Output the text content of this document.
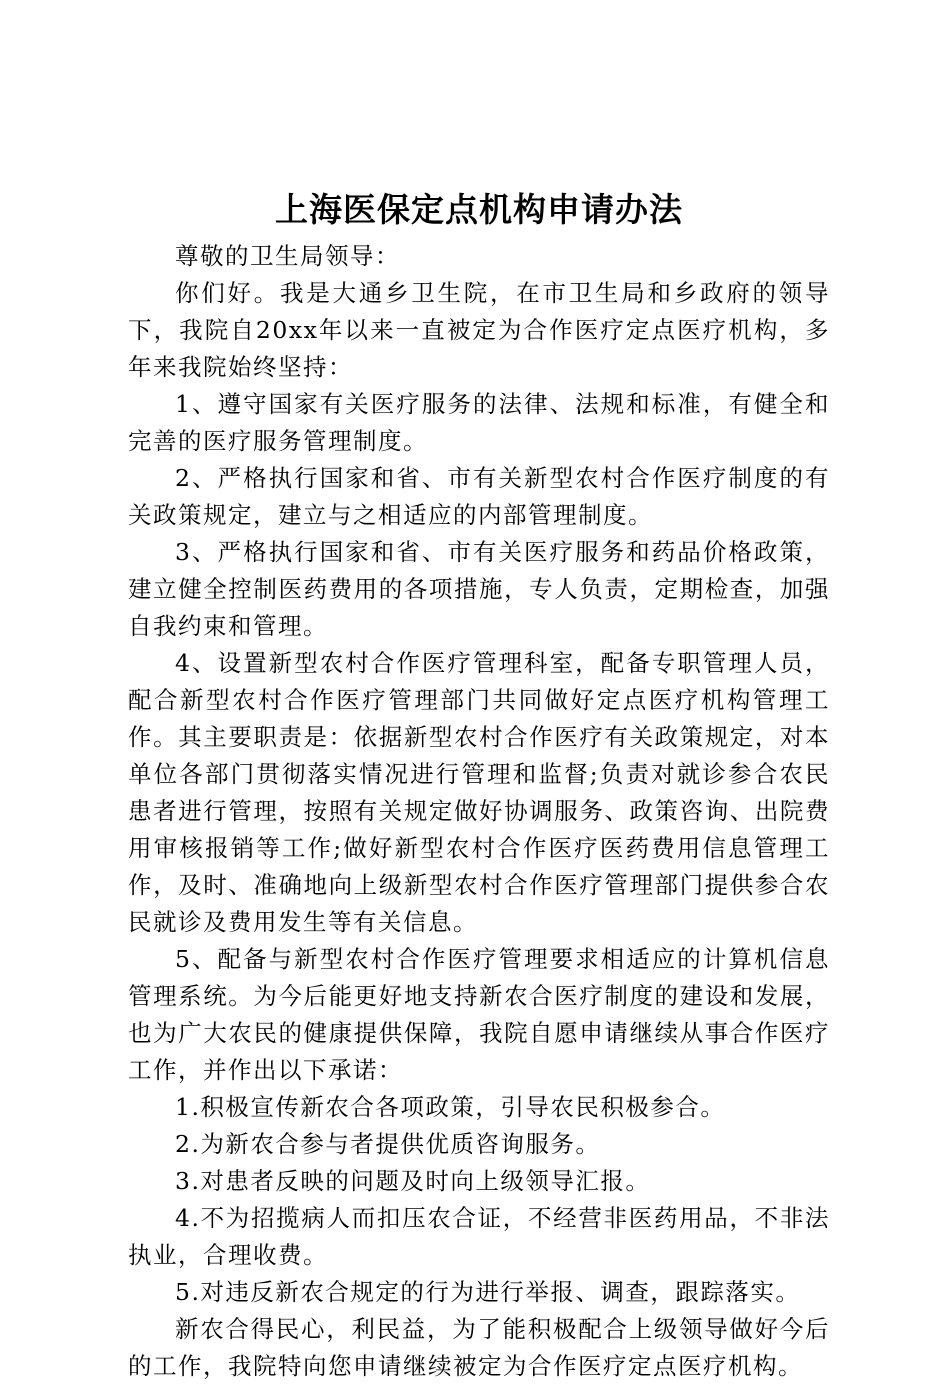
上海医保定点机构申请办法

尊敬的卫生局领导：

你们好。我是大通乡卫生院，在市卫生局和乡政府的领导下，我院自20xx年以来一直被定为合作医疗定点医疗机构，多年来我院始终坚持：

1、遵守国家有关医疗服务的法律、法规和标准，有健全和完善的医疗服务管理制度。

2、严格执行国家和省、市有关新型农村合作医疗制度的有关政策规定，建立与之相适应的内部管理制度。

3、严格执行国家和省、市有关医疗服务和药品价格政策，建立健全控制医药费用的各项措施，专人负责，定期检查，加强自我约束和管理。

4、设置新型农村合作医疗管理科室，配备专职管理人员，配合新型农村合作医疗管理部门共同做好定点医疗机构管理工作。其主要职责是：依据新型农村合作医疗有关政策规定，对本单位各部门贯彻落实情况进行管理和监督;负责对就诊参合农民患者进行管理，按照有关规定做好协调服务、政策咨询、出院费用审核报销等工作;做好新型农村合作医疗医药费用信息管理工作，及时、准确地向上级新型农村合作医疗管理部门提供参合农民就诊及费用发生等有关信息。

5、配备与新型农村合作医疗管理要求相适应的计算机信息管理系统。为今后能更好地支持新农合医疗制度的建设和发展，也为广大农民的健康提供保障，我院自愿申请继续从事合作医疗工作，并作出以下承诺：

1.积极宣传新农合各项政策，引导农民积极参合。

2.为新农合参与者提供优质咨询服务。

3.对患者反映的问题及时向上级领导汇报。

4.不为招揽病人而扣压农合证，不经营非医药用品，不非法执业，合理收费。

5.对违反新农合规定的行为进行举报、调查，跟踪落实。

新农合得民心，利民益，为了能积极配合上级领导做好今后的工作，我院特向您申请继续被定为合作医疗定点医疗机构。
